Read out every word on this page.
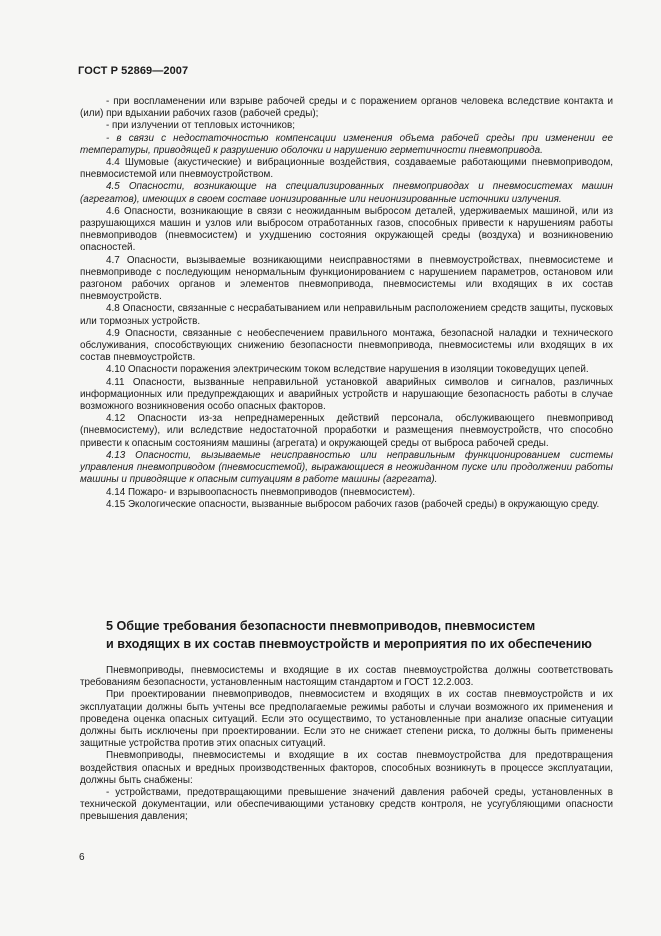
ГОСТ Р 52869—2007

- при воспламенении или взрыве рабочей среды и с поражением органов человека вследствие контакта и (или) при вдыхании рабочих газов (рабочей среды);

- при излучении от тепловых источников;

- в связи с недостаточностью компенсации изменения объема рабочей среды при изменении ее температуры, приводящей к разрушению оболочки и нарушению герметичности пневмопривода.

4.4 Шумовые (акустические) и вибрационные воздействия, создаваемые работающими пневмоприводом, пневмосистемой или пневмоустройством.

4.5 Опасности, возникающие на специализированных пневмоприводах и пневмосистемах машин (агрегатов), имеющих в своем составе ионизированные или неионизированные источники излучения.

4.6 Опасности, возникающие в связи с неожиданным выбросом деталей, удерживаемых машиной, или из разрушающихся машин и узлов или выбросом отработанных газов, способных привести к нарушениям работы пневмоприводов (пневмосистем) и ухудшению состояния окружающей среды (воздуха) и возникновению опасностей.

4.7 Опасности, вызываемые возникающими неисправностями в пневмоустройствах, пневмосистеме и пневмоприводе с последующим ненормальным функционированием с нарушением параметров, остановом или разгоном рабочих органов и элементов пневмопривода, пневмосистемы или входящих в их состав пневмоустройств.

4.8 Опасности, связанные с несрабатыванием или неправильным расположением средств защиты, пусковых или тормозных устройств.

4.9 Опасности, связанные с необеспечением правильного монтажа, безопасной наладки и технического обслуживания, способствующих снижению безопасности пневмопривода, пневмосистемы или входящих в их состав пневмоустройств.

4.10 Опасности поражения электрическим током вследствие нарушения в изоляции токоведущих цепей.

4.11 Опасности, вызванные неправильной установкой аварийных символов и сигналов, различных информационных или предупреждающих и аварийных устройств и нарушающие безопасность работы в случае возможного возникновения особо опасных факторов.

4.12 Опасности из-за непреднамеренных действий персонала, обслуживающего пневмопривод (пневмосистему), или вследствие недостаточной проработки и размещения пневмоустройств, что способно привести к опасным состояниям машины (агрегата) и окружающей среды от выброса рабочей среды.

4.13 Опасности, вызываемые неисправностью или неправильным функционированием системы управления пневмоприводом (пневмосистемой), выражающиеся в неожиданном пуске или продолжении работы машины и приводящие к опасным ситуациям в работе машины (агрегата).

4.14 Пожаро- и взрывоопасность пневмоприводов (пневмосистем).

4.15 Экологические опасности, вызванные выбросом рабочих газов (рабочей среды) в окружающую среду.

5 Общие требования безопасности пневмоприводов, пневмосистем
и входящих в их состав пневмоустройств и мероприятия по их обеспечению

Пневмоприводы, пневмосистемы и входящие в их состав пневмоустройства должны соответствовать требованиям безопасности, установленным настоящим стандартом и ГОСТ 12.2.003.

При проектировании пневмоприводов, пневмосистем и входящих в их состав пневмоустройств и их эксплуатации должны быть учтены все предполагаемые режимы работы и случаи возможного их применения и проведена оценка опасных ситуаций. Если это осуществимо, то установленные при анализе опасные ситуации должны быть исключены при проектировании. Если это не снижает степени риска, то должны быть применены защитные устройства против этих опасных ситуаций.

Пневмоприводы, пневмосистемы и входящие в их состав пневмоустройства для предотвращения воздействия опасных и вредных производственных факторов, способных возникнуть в процессе эксплуатации, должны быть снабжены:

- устройствами, предотвращающими превышение значений давления рабочей среды, установленных в технической документации, или обеспечивающими установку средств контроля, не усугубляющими опасности превышения давления;

6
